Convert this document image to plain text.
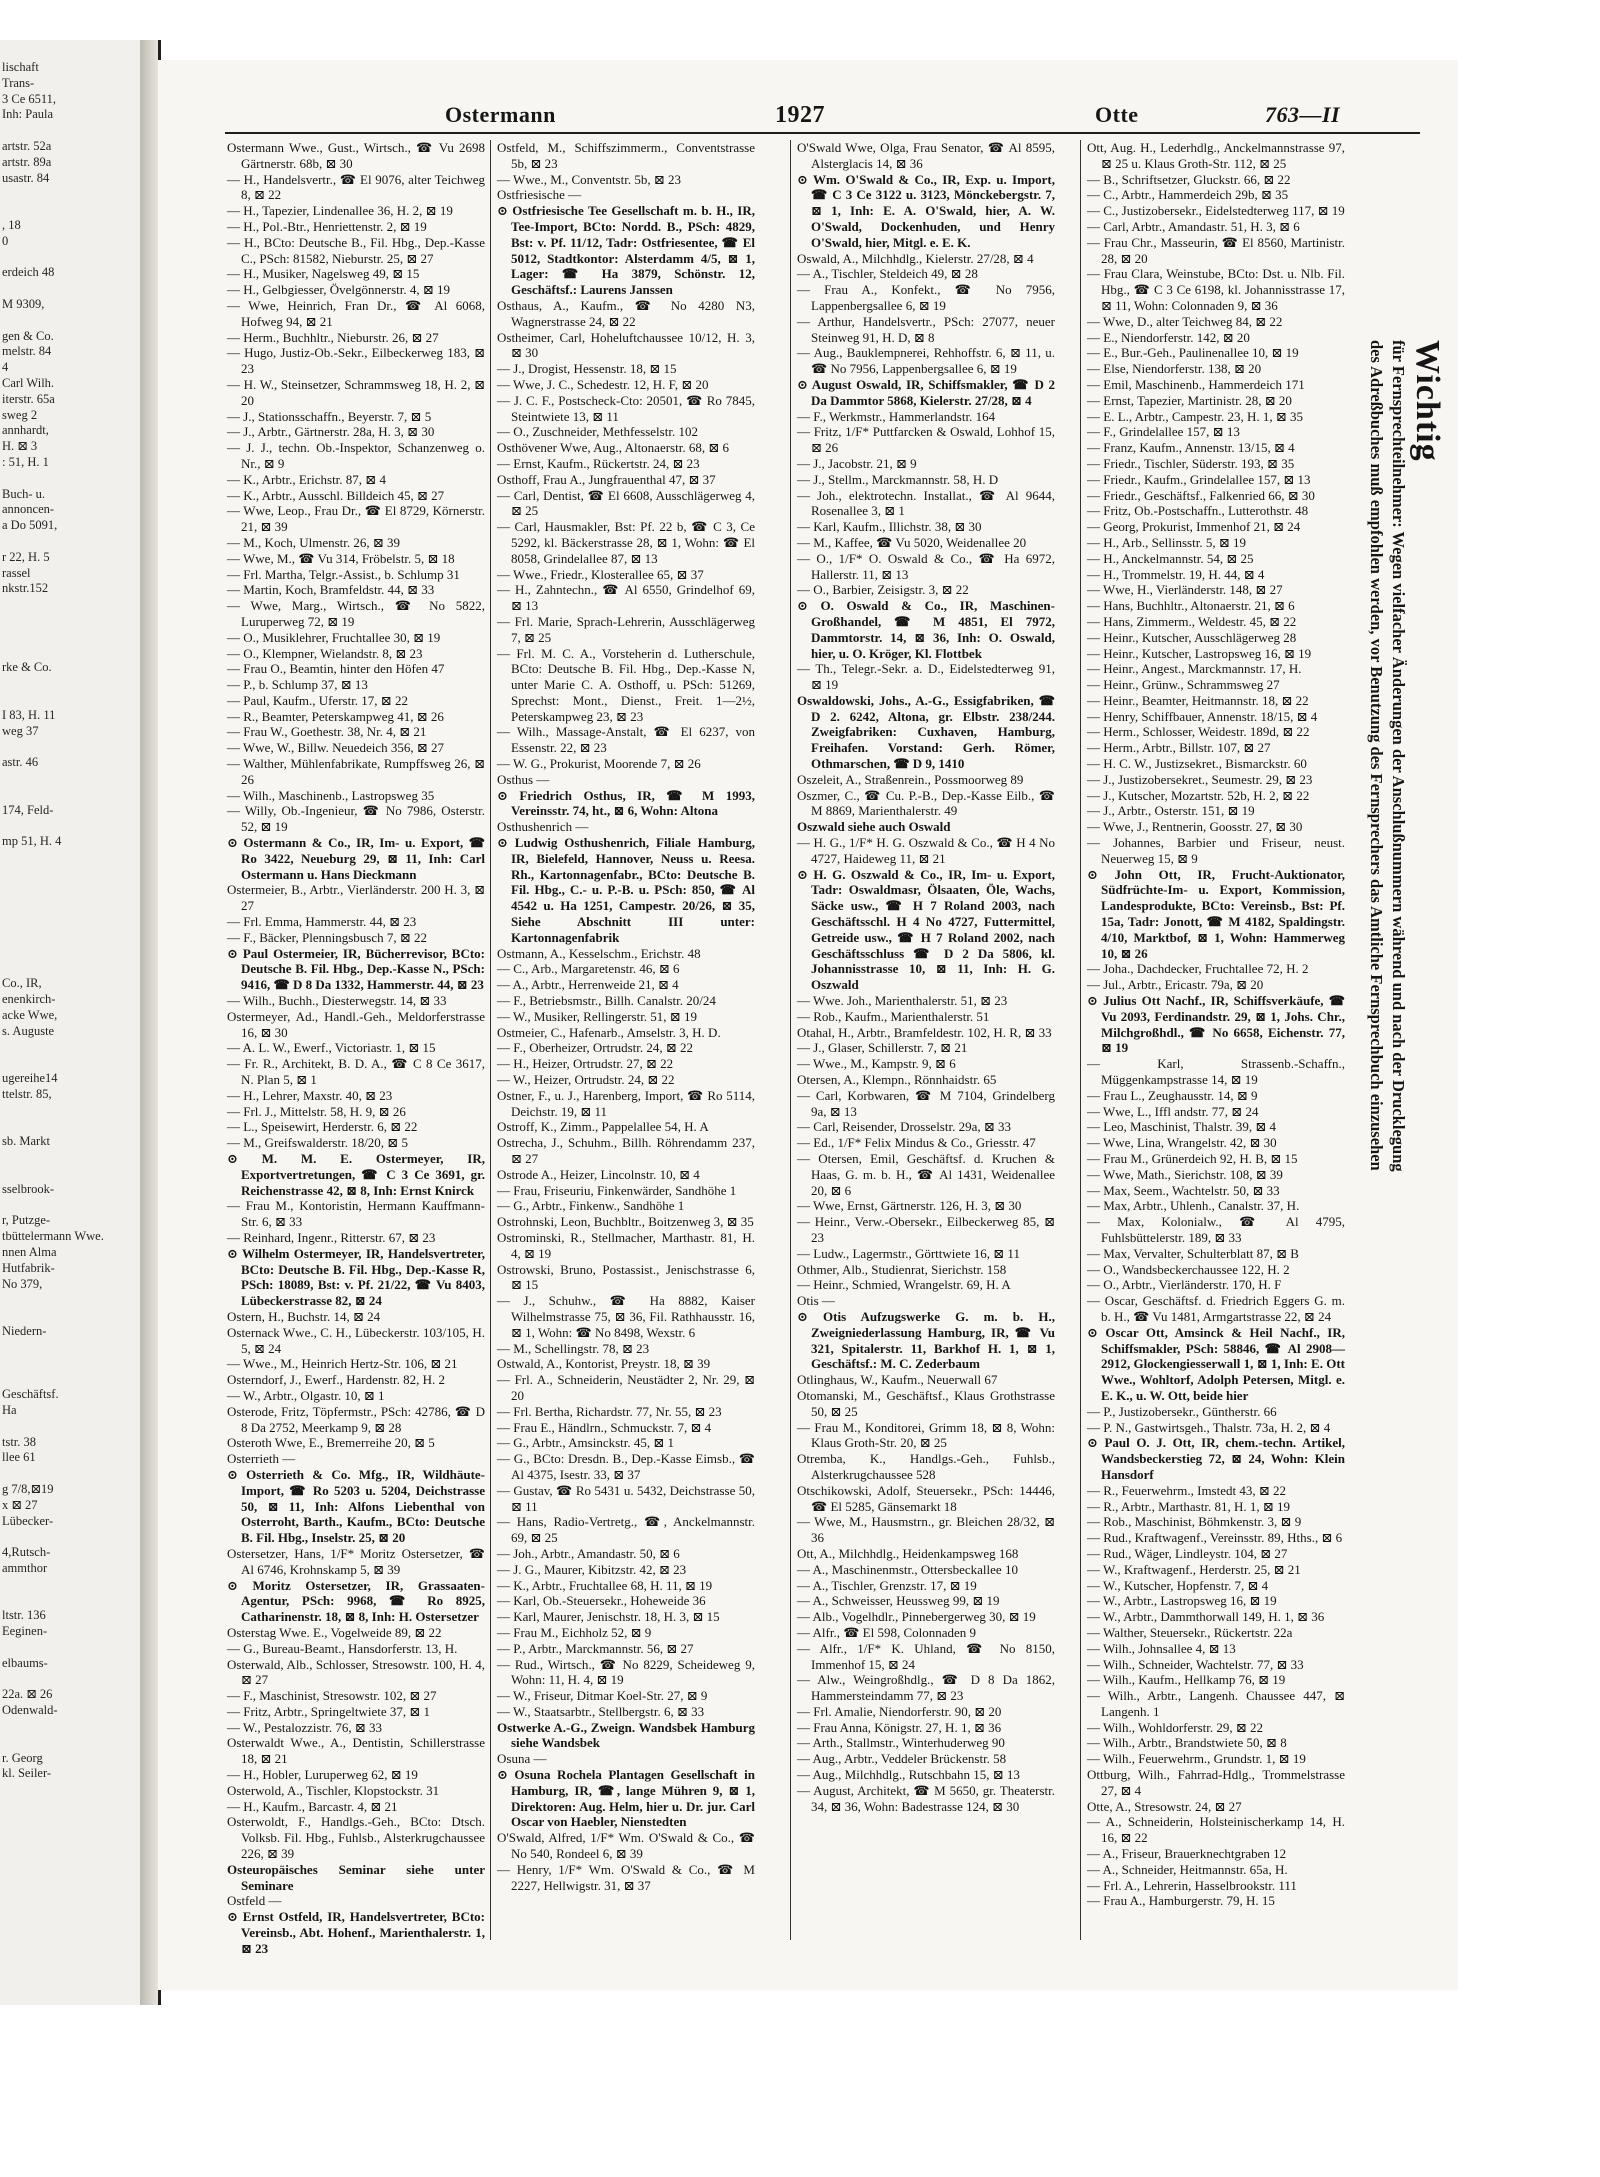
lischaft
Trans-
3 Ce 6511,
Inh: Paula
artstr. 52a
artstr. 89a
usastr. 84
, 18
0
erdeich 48
M 9309,
gen & Co.
melstr. 84
4
Carl Wilh.
iterstr. 65a
sweg 2
annhardt,
H. ⊠ 3
: 51, H. 1
Buch- u.
annoncen-
a Do 5091,
r 22, H. 5
rassel
nkstr.152
rke & Co.
I 83, H. 11
weg 37
astr. 46
174, Feld-
mp 51, H. 4
Co., IR,
enenkirch-
acke Wwe,
s. Auguste
ugereihe14
ttelstr. 85,
sb. Markt
sselbrook-
r, Putzge-
tbüttelermann Wwe.
nnen Alma
Hutfabrik-
No 379,
Niedern-
Geschäftsf.
Ha
tstr. 38
llee 61
g 7/8,⊠19
x ⊠ 27
Lübecker-
4,Rutsch-
ammthor
ltstr. 136
Eeginen-
elbaums-
22a. ⊠ 26
Odenwald-
r. Georg
kl. Seiler-
Ostermann	1927	Otte	763—II
Ostermann Wwe., Gust., Wirtsch., ☎ Vu 2698 Gärtnerstr. 68b, ⊠ 30
— H., Handelsvertr., ☎ El 9076, alter Teichweg 8, ⊠ 22
— H., Tapezier, Lindenallee 36, H. 2, ⊠ 19
— H., Pol.-Btr., Henriettenstr. 2, ⊠ 19
— H., BCto: Deutsche B., Fil. Hbg., Dep.-Kasse C., PSch: 81582, Nieburstr. 25, ⊠ 27
— H., Musiker, Nagelsweg 49, ⊠ 15
— H., Gelbgiesser, Övelgönnerstr. 4, ⊠ 19
— Wwe, Heinrich, Fran Dr., ☎ Al 6068, Hofweg 94, ⊠ 21
— Herm., Buchhltr., Nieburstr. 26, ⊠ 27
— Hugo, Justiz-Ob.-Sekr., Eilbeckerweg 183, ⊠ 23
— H. W., Steinsetzer, Schrammsweg 18, H. 2, ⊠ 20
— J., Stationsschaffn., Beyerstr. 7, ⊠ 5
— J., Arbtr., Gärtnerstr. 28a, H. 3, ⊠ 30
— J. J., techn. Ob.-Inspektor, Schanzenweg o. Nr., ⊠ 9
— K., Arbtr., Erichstr. 87, ⊠ 4
— K., Arbtr., Ausschl. Billdeich 45, ⊠ 27
— Wwe, Leop., Frau Dr., ☎ El 8729, Körnerstr. 21, ⊠ 39
— M., Koch, Ulmenstr. 26, ⊠ 39
— Wwe, M., ☎ Vu 314, Fröbelstr. 5, ⊠ 18
— Frl. Martha, Telgr.-Assist., b. Schlump 31
— Martin, Koch, Bramfeldstr. 44, ⊠ 33
— Wwe, Marg., Wirtsch., ☎ No 5822, Luruperweg 72, ⊠ 19
— O., Musiklehrer, Fruchtallee 30, ⊠ 19
— O., Klempner, Wielandstr. 8, ⊠ 23
— Frau O., Beamtin, hinter den Höfen 47
— P., b. Schlump 37, ⊠ 13
— Paul, Kaufm., Uferstr. 17, ⊠ 22
— R., Beamter, Peterskampweg 41, ⊠ 26
— Frau W., Goethestr. 38, Nr. 4, ⊠ 21
— Wwe, W., Billw. Neuedeich 356, ⊠ 27
— Walther, Mühlenfabrikate, Rumpffsweg 26, ⊠ 26
— Wilh., Maschinenb., Lastropsweg 35
— Willy, Ob.-Ingenieur, ☎ No 7986, Osterstr. 52, ⊠ 19
⊙ Ostermann & Co., IR, Im- u. Export, ☎ Ro 3422, Neueburg 29, ⊠ 11, Inh: Carl Ostermann u. Hans Dieckmann
Ostermeier, B., Arbtr., Vierländerstr. 200 H. 3, ⊠ 27
— Frl. Emma, Hammerstr. 44, ⊠ 23
— F., Bäcker, Plenningsbusch 7, ⊠ 22
⊙ Paul Ostermeier, IR, Bücherrevisor, BCto: Deutsche B. Fil. Hbg., Dep.-Kasse N., PSch: 9416, ☎ D 8 Da 1332, Hammerstr. 44, ⊠ 23
— Wilh., Buchh., Diesterwegstr. 14, ⊠ 33
Ostermeyer, Ad., Handl.-Geh., Meldorferstrasse 16, ⊠ 30
— A. L. W., Ewerf., Victoriastr. 1, ⊠ 15
— Fr. R., Architekt, B. D. A., ☎ C 8 Ce 3617, N. Plan 5, ⊠ 1
— H., Lehrer, Maxstr. 40, ⊠ 23
— Frl. J., Mittelstr. 58, H. 9, ⊠ 26
— L., Speisewirt, Herderstr. 6, ⊠ 22
— M., Greifswalderstr. 18/20, ⊠ 5
⊙ M. M. E. Ostermeyer, IR, Exportvertretungen, ☎ C 3 Ce 3691, gr. Reichenstrasse 42, ⊠ 8, Inh: Ernst Knirck
— Frau M., Kontoristin, Hermann Kauffmann-Str. 6, ⊠ 33
— Reinhard, Ingenr., Ritterstr. 67, ⊠ 23
⊙ Wilhelm Ostermeyer, IR, Handelsvertreter, BCto: Deutsche B. Fil. Hbg., Dep.-Kasse R, PSch: 18089, Bst: v. Pf. 21/22, ☎ Vu 8403, Lübeckerstrasse 82, ⊠ 24
Ostern, H., Buchstr. 14, ⊠ 24
Osternack Wwe., C. H., Lübeckerstr. 103/105, H. 5, ⊠ 24
— Wwe., M., Heinrich Hertz-Str. 106, ⊠ 21
Osterndorf, J., Ewerf., Hardenstr. 82, H. 2
— W., Arbtr., Olgastr. 10, ⊠ 1
Osterode, Fritz, Töpfermstr., PSch: 42786, ☎ D 8 Da 2752, Meerkamp 9, ⊠ 28
Osteroth Wwe, E., Bremerreihe 20, ⊠ 5
Osterrieth —
⊙ Osterrieth & Co. Mfg., IR, Wildhäute-Import, ☎ Ro 5203 u. 5204, Deichstrasse 50, ⊠ 11, Inh: Alfons Liebenthal von Osterroht, Barth., Kaufm., BCto: Deutsche B. Fil. Hbg., Inselstr. 25, ⊠ 20
Ostersetzer, Hans, 1/F* Moritz Ostersetzer, ☎ Al 6746, Krohnskamp 5, ⊠ 39
⊙ Moritz Ostersetzer, IR, Grassaaten-Agentur, PSch: 9968, ☎ Ro 8925, Catharinenstr. 18, ⊠ 8, Inh: H. Ostersetzer
Osterstag Wwe. E., Vogelweide 89, ⊠ 22
— G., Bureau-Beamt., Hansdorferstr. 13, H.
Osterwald, Alb., Schlosser, Stresowstr. 100, H. 4, ⊠ 27
— F., Maschinist, Stresowstr. 102, ⊠ 27
— Fritz, Arbtr., Springeltwiete 37, ⊠ 1
— W., Pestalozzistr. 76, ⊠ 33
Osterwaldt Wwe., A., Dentistin, Schillerstrasse 18, ⊠ 21
— H., Hobler, Luruperweg 62, ⊠ 19
Osterwold, A., Tischler, Klopstockstr. 31
— H., Kaufm., Barcastr. 4, ⊠ 21
Osterwoldt, F., Handlgs.-Geh., BCto: Dtsch. Volksb. Fil. Hbg., Fuhlsb., Alsterkrugchaussee 226, ⊠ 39
Osteuropäisches Seminar siehe unter Seminare
Ostfeld —
⊙ Ernst Ostfeld, IR, Handelsvertreter, BCto: Vereinsb., Abt. Hohenf., Marienthalerstr. 1, ⊠ 23
Ostfeld, M., Schiffszimmerm., Conventstrasse 5b, ⊠ 23
— Wwe., M., Conventstr. 5b, ⊠ 23
Ostfriesische —
⊙ Ostfriesische Tee Gesellschaft m. b. H., IR, Tee-Import, BCto: Nordd. B., PSch: 4829, Bst: v. Pf. 11/12, Tadr: Ostfriesentee, ☎ El 5012, Stadtkontor: Alsterdamm 4/5, ⊠ 1, Lager: ☎ Ha 3879, Schönstr. 12, Geschäftsf.: Laurens Janssen
Osthaus, A., Kaufm., ☎ No 4280 N3, Wagnerstrasse 24, ⊠ 22
Ostheimer, Carl, Hoheluftchaussee 10/12, H. 3, ⊠ 30
— J., Drogist, Hessenstr. 18, ⊠ 15
— Wwe, J. C., Schedestr. 12, H. F, ⊠ 20
— J. C. F., Postscheck-Cto: 20501, ☎ Ro 7845, Steintwiete 13, ⊠ 11
— O., Zuschneider, Methfesselstr. 102
Osthövener Wwe, Aug., Altonaerstr. 68, ⊠ 6
— Ernst, Kaufm., Rückertstr. 24, ⊠ 23
Osthoff, Frau A., Jungfrauenthal 47, ⊠ 37
— Carl, Dentist, ☎ El 6608, Ausschlägerweg 4, ⊠ 25
— Carl, Hausmakler, Bst: Pf. 22 b, ☎ C 3, Ce 5292, kl. Bäckerstrasse 28, ⊠ 1, Wohn: ☎ El 8058, Grindelallee 87, ⊠ 13
— Wwe., Friedr., Klosterallee 65, ⊠ 37
— H., Zahntechn., ☎ Al 6550, Grindelhof 69, ⊠ 13
— Frl. Marie, Sprach-Lehrerin, Ausschlägerweg 7, ⊠ 25
— Frl. M. C. A., Vorsteherin d. Lutherschule, BCto: Deutsche B. Fil. Hbg., Dep.-Kasse N, unter Marie C. A. Osthoff, u. PSch: 51269, Sprechst: Mont., Dienst., Freit. 1—2½, Peterskampweg 23, ⊠ 23
— Wilh., Massage-Anstalt, ☎ El 6237, von Essenstr. 22, ⊠ 23
— W. G., Prokurist, Moorende 7, ⊠ 26
Osthus —
⊙ Friedrich Osthus, IR, ☎ M 1993, Vereinsstr. 74, ht., ⊠ 6, Wohn: Altona
Osthushenrich —
⊙ Ludwig Osthushenrich, Filiale Hamburg, IR, Bielefeld, Hannover, Neuss u. Reesa. Rh., Kartonnagenfabr., BCto: Deutsche B. Fil. Hbg., C.- u. P.-B. u. PSch: 850, ☎ Al 4542 u. Ha 1251, Campestr. 20/26, ⊠ 35, Siehe Abschnitt III unter: Kartonnagenfabrik
Ostmann, A., Kesselschm., Erichstr. 48
— C., Arb., Margaretenstr. 46, ⊠ 6
— A., Arbtr., Herrenweide 21, ⊠ 4
— F., Betriebsmstr., Billh. Canalstr. 20/24
— W., Musiker, Rellingerstr. 51, ⊠ 19
Ostmeier, C., Hafenarb., Amselstr. 3, H. D.
— F., Oberheizer, Ortrudstr. 24, ⊠ 22
— H., Heizer, Ortrudstr. 27, ⊠ 22
— W., Heizer, Ortrudstr. 24, ⊠ 22
Ostner, F., u. J., Harenberg, Import, ☎ Ro 5114, Deichstr. 19, ⊠ 11
Ostroff, K., Zimm., Pappelallee 54, H. A
Ostrecha, J., Schuhm., Billh. Röhrendamm 237, ⊠ 27
Ostrode A., Heizer, Lincolnstr. 10, ⊠ 4
— Frau, Friseuriu, Finkenwärder, Sandhöhe 1
— G., Arbtr., Finkenw., Sandhöhe 1
Ostrohnski, Leon, Buchbltr., Boitzenweg 3, ⊠ 35
Ostrominski, R., Stellmacher, Marthastr. 81, H. 4, ⊠ 19
Ostrowski, Bruno, Postassist., Jenischstrasse 6, ⊠ 15
— J., Schuhw., ☎ Ha 8882, Kaiser Wilhelmstrasse 75, ⊠ 36, Fil. Rathhausstr. 16, ⊠ 1, Wohn: ☎ No 8498, Wexstr. 6
— M., Schellingstr. 78, ⊠ 23
Ostwald, A., Kontorist, Preystr. 18, ⊠ 39
— Frl. A., Schneiderin, Neustädter 2, Nr. 29, ⊠ 20
— Frl. Bertha, Richardstr. 77, Nr. 55, ⊠ 23
— Frau E., Händlrn., Schmuckstr. 7, ⊠ 4
— G., Arbtr., Amsinckstr. 45, ⊠ 1
— G., BCto: Dresdn. B., Dep.-Kasse Eimsb., ☎ Al 4375, Isestr. 33, ⊠ 37
— Gustav, ☎ Ro 5431 u. 5432, Deichstrasse 50, ⊠ 11
— Hans, Radio-Vertretg., ☎, Anckelmannstr. 69, ⊠ 25
— Joh., Arbtr., Amandastr. 50, ⊠ 6
— J. G., Maurer, Kibitzstr. 42, ⊠ 23
— K., Arbtr., Fruchtallee 68, H. 11, ⊠ 19
— Karl, Ob.-Steuersekr., Hoheweide 36
— Karl, Maurer, Jenischstr. 18, H. 3, ⊠ 15
— Frau M., Eichholz 52, ⊠ 9
— P., Arbtr., Marckmannstr. 56, ⊠ 27
— Rud., Wirtsch., ☎ No 8229, Scheideweg 9, Wohn: 11, H. 4, ⊠ 19
— W., Friseur, Ditmar Koel-Str. 27, ⊠ 9
— W., Staatsarbtr., Stellbergstr. 6, ⊠ 33
Ostwerke A.-G., Zweign. Wandsbek Hamburg siehe Wandsbek
Osuna —
⊙ Osuna Rochela Plantagen Gesellschaft in Hamburg, IR, ☎, lange Mühren 9, ⊠ 1, Direktoren: Aug. Helm, hier u. Dr. jur. Carl Oscar von Haebler, Nienstedten
O'Swald, Alfred, 1/F* Wm. O'Swald & Co., ☎ No 540, Rondeel 6, ⊠ 39
— Henry, 1/F* Wm. O'Swald & Co., ☎ M 2227, Hellwigstr. 31, ⊠ 37
O'Swald Wwe, Olga, Frau Senator, ☎ Al 8595, Alsterglacis 14, ⊠ 36
⊙ Wm. O'Swald & Co., IR, Exp. u. Import, ☎ C 3 Ce 3122 u. 3123, Mönckebergstr. 7, ⊠ 1, Inh: E. A. O'Swald, hier, A. W. O'Swald, Dockenhuden, und Henry O'Swald, hier, Mitgl. e. E. K.
Oswald, A., Milchhdlg., Kielerstr. 27/28, ⊠ 4
— A., Tischler, Steldeich 49, ⊠ 28
— Frau A., Konfekt., ☎ No 7956, Lappenbergsallee 6, ⊠ 19
— Arthur, Handelsvertr., PSch: 27077, neuer Steinweg 91, H. D, ⊠ 8
— Aug., Bauklempnerei, Rehhoffstr. 6, ⊠ 11, u. ☎ No 7956, Lappenbergsallee 6, ⊠ 19
⊙ August Oswald, IR, Schiffsmakler, ☎ D 2 Da Dammtor 5868, Kielerstr. 27/28, ⊠ 4
— F., Werkmstr., Hammerlandstr. 164
— Fritz, 1/F* Puttfarcken & Oswald, Lohhof 15, ⊠ 26
— J., Jacobstr. 21, ⊠ 9
— J., Stellm., Marckmannstr. 58, H. D
— Joh., elektrotechn. Installat., ☎ Al 9644, Rosenallee 3, ⊠ 1
— Karl, Kaufm., Illichstr. 38, ⊠ 30
— M., Kaffee, ☎ Vu 5020, Weidenallee 20
— O., 1/F* O. Oswald & Co., ☎ Ha 6972, Hallerstr. 11, ⊠ 13
— O., Barbier, Zeisigstr. 3, ⊠ 22
⊙ O. Oswald & Co., IR, Maschinen-Großhandel, ☎ M 4851, El 7972, Dammtorstr. 14, ⊠ 36, Inh: O. Oswald, hier, u. O. Kröger, Kl. Flottbek
— Th., Telegr.-Sekr. a. D., Eidelstedterweg 91, ⊠ 19
Oswaldowski, Johs., A.-G., Essigfabriken, ☎ D 2. 6242, Altona, gr. Elbstr. 238/244. Zweigfabriken: Cuxhaven, Hamburg, Freihafen. Vorstand: Gerh. Römer, Othmarschen, ☎ D 9, 1410
Oszeleit, A., Straßenrein., Possmoorweg 89
Oszmer, C., ☎ Cu. P.-B., Dep.-Kasse Eilb., ☎ M 8869, Marienthalerstr. 49
Oszwald siehe auch Oswald
— H. G., 1/F* H. G. Oszwald & Co., ☎ H 4 No 4727, Haideweg 11, ⊠ 21
⊙ H. G. Oszwald & Co., IR, Im- u. Export, Tadr: Oswaldmasr, Ölsaaten, Öle, Wachs, Säcke usw., ☎ H 7 Roland 2003, nach Geschäftsschl. H 4 No 4727, Futtermittel, Getreide usw., ☎ H 7 Roland 2002, nach Geschäftsschluss ☎ D 2 Da 5806, kl. Johannisstrasse 10, ⊠ 11, Inh: H. G. Oszwald
— Wwe. Joh., Marienthalerstr. 51, ⊠ 23
— Rob., Kaufm., Marienthalerstr. 51
Otahal, H., Arbtr., Bramfeldestr. 102, H. R, ⊠ 33
— J., Glaser, Schillerstr. 7, ⊠ 21
— Wwe., M., Kampstr. 9, ⊠ 6
Otersen, A., Klempn., Rönnhaidstr. 65
— Carl, Korbwaren, ☎ M 7104, Grindelberg 9a, ⊠ 13
— Carl, Reisender, Drosselstr. 29a, ⊠ 33
— Ed., 1/F* Felix Mindus & Co., Griesstr. 47
— Otersen, Emil, Geschäftsf. d. Kruchen & Haas, G. m. b. H., ☎ Al 1431, Weidenallee 20, ⊠ 6
— Wwe, Ernst, Gärtnerstr. 126, H. 3, ⊠ 30
— Heinr., Verw.-Obersekr., Eilbeckerweg 85, ⊠ 23
— Ludw., Lagermstr., Görttwiete 16, ⊠ 11
Othmer, Alb., Studienrat, Sierichstr. 158
— Heinr., Schmied, Wrangelstr. 69, H. A
Otis —
⊙ Otis Aufzugswerke G. m. b. H., Zweigniederlassung Hamburg, IR, ☎ Vu 321, Spitalerstr. 11, Barkhof H. 1, ⊠ 1, Geschäftsf.: M. C. Zederbaum
Otlinghaus, W., Kaufm., Neuerwall 67
Otomanski, M., Geschäftsf., Klaus Grothstrasse 50, ⊠ 25
— Frau M., Konditorei, Grimm 18, ⊠ 8, Wohn: Klaus Groth-Str. 20, ⊠ 25
Otremba, K., Handlgs.-Geh., Fuhlsb., Alsterkrugchaussee 528
Otschikowski, Adolf, Steuersekr., PSch: 14446, ☎ El 5285, Gänsemarkt 18
— Wwe, M., Hausmstrn., gr. Bleichen 28/32, ⊠ 36
Ott, A., Milchhdlg., Heidenkampsweg 168
— A., Maschinenmstr., Ottersbeckallee 10
— A., Tischler, Grenzstr. 17, ⊠ 19
— A., Schweisser, Heussweg 99, ⊠ 19
— Alb., Vogelhdlr., Pinnebergerweg 30, ⊠ 19
— Alfr., ☎ El 598, Colonnaden 9
— Alfr., 1/F* K. Uhland, ☎ No 8150, Immenhof 15, ⊠ 24
— Alw., Weingroßhdlg., ☎ D 8 Da 1862, Hammersteindamm 77, ⊠ 23
— Frl. Amalie, Niendorferstr. 90, ⊠ 20
— Frau Anna, Königstr. 27, H. 1, ⊠ 36
— Arth., Stallmstr., Winterhuderweg 90
— Aug., Arbtr., Veddeler Brückenstr. 58
— Aug., Milchhdlg., Rutschbahn 15, ⊠ 13
— August, Architekt, ☎ M 5650, gr. Theaterstr. 34, ⊠ 36, Wohn: Badestrasse 124, ⊠ 30
Ott, Aug. H., Lederhdlg., Anckelmannstrasse 97, ⊠ 25 u. Klaus Groth-Str. 112, ⊠ 25
— B., Schriftsetzer, Gluckstr. 66, ⊠ 22
— C., Arbtr., Hammerdeich 29b, ⊠ 35
— C., Justizobersekr., Eidelstedterweg 117, ⊠ 19
— Carl, Arbtr., Amandastr. 51, H. 3, ⊠ 6
— Frau Chr., Masseurin, ☎ El 8560, Martinistr. 28, ⊠ 20
— Frau Clara, Weinstube, BCto: Dst. u. Nlb. Fil. Hbg., ☎ C 3 Ce 6198, kl. Johannisstrasse 17, ⊠ 11, Wohn: Colonnaden 9, ⊠ 36
— Wwe, D., alter Teichweg 84, ⊠ 22
— E., Niendorferstr. 142, ⊠ 20
— E., Bur.-Geh., Paulinenallee 10, ⊠ 19
— Else, Niendorferstr. 138, ⊠ 20
— Emil, Maschinenb., Hammerdeich 171
— Ernst, Tapezier, Martinistr. 28, ⊠ 20
— E. L., Arbtr., Campestr. 23, H. 1, ⊠ 35
— F., Grindelallee 157, ⊠ 13
— Franz, Kaufm., Annenstr. 13/15, ⊠ 4
— Friedr., Tischler, Süderstr. 193, ⊠ 35
— Friedr., Kaufm., Grindelallee 157, ⊠ 13
— Friedr., Geschäftsf., Falkenried 66, ⊠ 30
— Fritz, Ob.-Postschaffn., Lutterothstr. 48
— Georg, Prokurist, Immenhof 21, ⊠ 24
— H., Arb., Sellinsstr. 5, ⊠ 19
— H., Anckelmannstr. 54, ⊠ 25
— H., Trommelstr. 19, H. 44, ⊠ 4
— Wwe, H., Vierländerstr. 148, ⊠ 27
— Hans, Buchhltr., Altonaerstr. 21, ⊠ 6
— Hans, Zimmerm., Weldestr. 45, ⊠ 22
— Heinr., Kutscher, Ausschlägerweg 28
— Heinr., Kutscher, Lastropsweg 16, ⊠ 19
— Heinr., Angest., Marckmannstr. 17, H.
— Heinr., Grünw., Schrammsweg 27
— Heinr., Beamter, Heitmannstr. 18, ⊠ 22
— Henry, Schiffbauer, Annenstr. 18/15, ⊠ 4
— Herm., Schlosser, Weidestr. 189d, ⊠ 22
— Herm., Arbtr., Billstr. 107, ⊠ 27
— H. C. W., Justizsekret., Bismarckstr. 60
— J., Justizobersekret., Seumestr. 29, ⊠ 23
— J., Kutscher, Mozartstr. 52b, H. 2, ⊠ 22
— J., Arbtr., Osterstr. 151, ⊠ 19
— Wwe, J., Rentnerin, Goosstr. 27, ⊠ 30
— Johannes, Barbier und Friseur, neust. Neuerweg 15, ⊠ 9
⊙ John Ott, IR, Frucht-Auktionator, Südfrüchte-Im- u. Export, Kommission, Landesprodukte, BCto: Vereinsb., Bst: Pf. 15a, Tadr: Jonott, ☎ M 4182, Spaldingstr. 4/10, Marktbof, ⊠ 1, Wohn: Hammerweg 10, ⊠ 26
— Joha., Dachdecker, Fruchtallee 72, H. 2
— Jul., Arbtr., Ericastr. 79a, ⊠ 20
⊙ Julius Ott Nachf., IR, Schiffsverkäufe, ☎ Vu 2093, Ferdinandstr. 29, ⊠ 1, Johs. Chr., Milchgroßhdl., ☎ No 6658, Eichenstr. 77, ⊠ 19
— Karl, Strassenb.-Schaffn., Müggenkampstrasse 14, ⊠ 19
— Frau L., Zeughausstr. 14, ⊠ 9
— Wwe, L., Iffl andstr. 77, ⊠ 24
— Leo, Maschinist, Thalstr. 39, ⊠ 4
— Wwe, Lina, Wrangelstr. 42, ⊠ 30
— Frau M., Grünerdeich 92, H. B, ⊠ 15
— Wwe, Math., Sierichstr. 108, ⊠ 39
— Max, Seem., Wachtelstr. 50, ⊠ 33
— Max, Arbtr., Uhlenh., Canalstr. 37, H.
— Max, Kolonialw., ☎ Al 4795, Fuhlsbüttelerstr. 189, ⊠ 33
— Max, Vervalter, Schulterblatt 87, ⊠ B
— O., Wandsbeckerchaussee 122, H. 2
— O., Arbtr., Vierländerstr. 170, H. F
— Oscar, Geschäftsf. d. Friedrich Eggers G. m. b. H., ☎ Vu 1481, Armgartstrasse 22, ⊠ 24
⊙ Oscar Ott, Amsinck & Heil Nachf., IR, Schiffsmakler, PSch: 58846, ☎ Al 2908—2912, Glockengiesserwall 1, ⊠ 1, Inh: E. Ott Wwe., Wohltorf, Adolph Petersen, Mitgl. e. E. K., u. W. Ott, beide hier
— P., Justizobersekr., Güntherstr. 66
— P. N., Gastwirtsgeh., Thalstr. 73a, H. 2, ⊠ 4
⊙ Paul O. J. Ott, IR, chem.-techn. Artikel, Wandsbeckerstieg 72, ⊠ 24, Wohn: Klein Hansdorf
— R., Feuerwehrm., Imstedt 43, ⊠ 22
— R., Arbtr., Marthastr. 81, H. 1, ⊠ 19
— Rob., Maschinist, Böhmkenstr. 3, ⊠ 9
— Rud., Kraftwagenf., Vereinsstr. 89, Hths., ⊠ 6
— Rud., Wäger, Lindleystr. 104, ⊠ 27
— W., Kraftwagenf., Herderstr. 25, ⊠ 21
— W., Kutscher, Hopfenstr. 7, ⊠ 4
— W., Arbtr., Lastropsweg 16, ⊠ 19
— W., Arbtr., Dammthorwall 149, H. 1, ⊠ 36
— Walther, Steuersekr., Rückertstr. 22a
— Wilh., Johnsallee 4, ⊠ 13
— Wilh., Schneider, Wachtelstr. 77, ⊠ 33
— Wilh., Kaufm., Hellkamp 76, ⊠ 19
— Wilh., Arbtr., Langenh. Chaussee 447, ⊠ Langenh. 1
— Wilh., Wohldorferstr. 29, ⊠ 22
— Wilh., Arbtr., Brandstwiete 50, ⊠ 8
— Wilh., Feuerwehrm., Grundstr. 1, ⊠ 19
Ottburg, Wilh., Fahrrad-Hdlg., Trommelstrasse 27, ⊠ 4
Otte, A., Stresowstr. 24, ⊠ 27
— A., Schneiderin, Holsteinischerkamp 14, H. 16, ⊠ 22
— A., Friseur, Brauerknechtgraben 12
— A., Schneider, Heitmannstr. 65a, H.
— Frl. A., Lehrerin, Hasselbrookstr. 111
— Frau A., Hamburgerstr. 79, H. 15
Wichtig
für Fernsprechteilnehmer: Wegen vielfacher Änderungen der Anschlußnummern während und nach der Drucklegung
des Adreßbuches muß empfohlen werden, vor Benutzung des Fernsprechers das Amtliche Fernsprechbuch einzusehen
